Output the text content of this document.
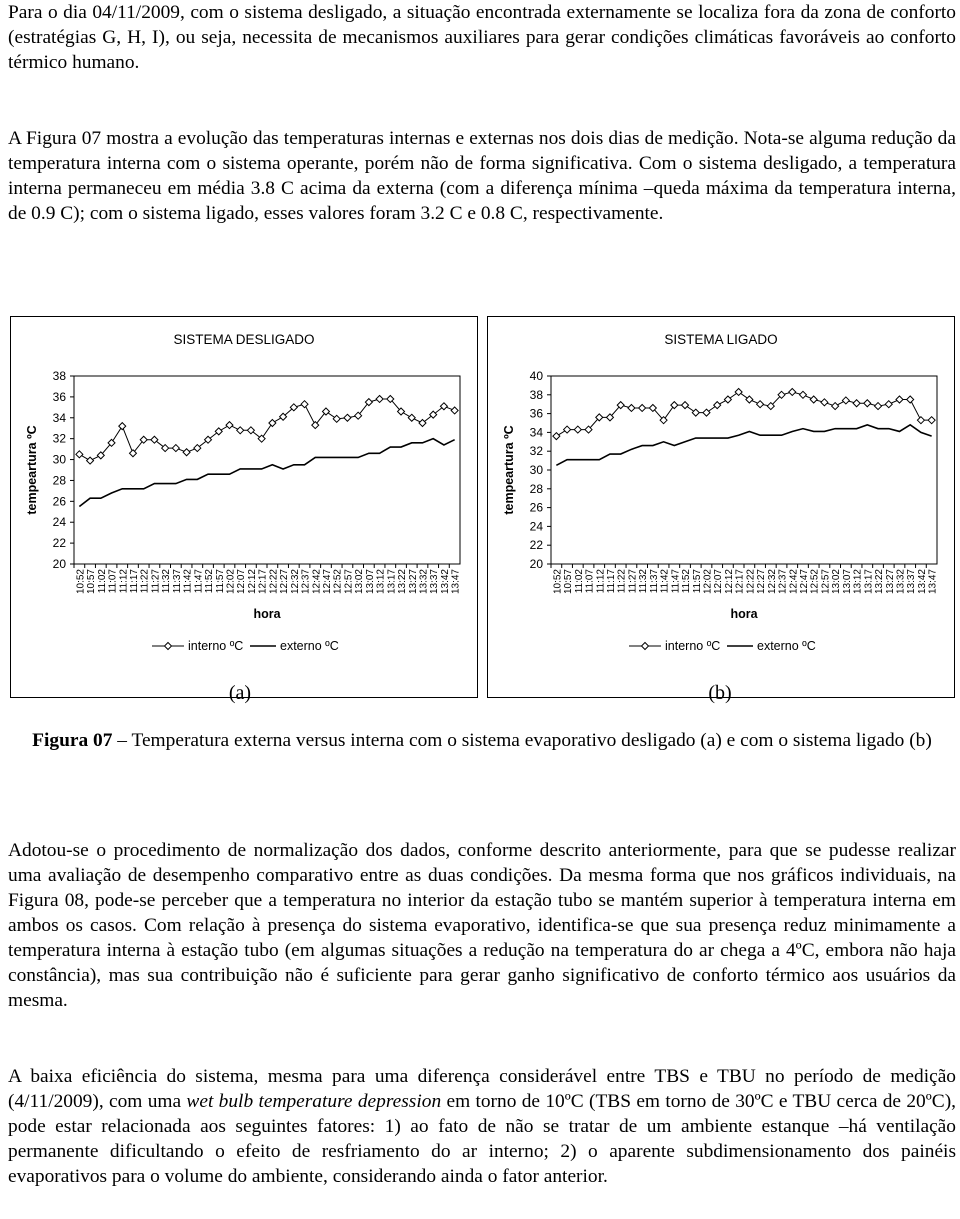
Para o dia 04/11/2009, com o sistema desligado, a situação encontrada externamente se localiza fora da zona de conforto (estratégias G, H, I), ou seja, necessita de mecanismos auxiliares para gerar condições climáticas favoráveis ao conforto térmico humano.

A Figura 07 mostra a evolução das temperaturas internas e externas nos dois dias de medição. Nota-se alguma redução da temperatura interna com o sistema operante, porém não de forma significativa. Com o sistema desligado, a temperatura interna permaneceu em média 3.8 C acima da externa (com a diferença mínima –queda máxima da temperatura interna, de 0.9 C); com o sistema ligado, esses valores foram 3.2 C e 0.8 C, respectivamente.

SISTEMA DESLIGADO
20
22
24
26
28
30
32
34
36
38
10:52 10:57 11:02 11:07 11:12 11:17 11:22 11:27 11:32 11:37 11:42 11:47 11:52 11:57 12:02 12:07 12:12 12:17 12:22 12:27 12:32 12:37 12:42 12:47 12:52 12:57 13:02 13:07 13:12 13:17 13:22 13:27 13:32 13:37 13:42 13:47
hora
tempeartura ºC
interno ºC	externo ºC
SISTEMA LIGADO
20
22
24
26
28
30
32
34
36
38
40
10:52 10:57 11:02 11:07 11:12 11:17 11:22 11:27 11:32 11:37 11:42 11:47 11:52 11:57 12:02 12:07 12:12 12:17 12:22 12:27 12:32 12:37 12:42 12:47 12:52 12:57 13:02 13:07 13:12 13:17 13:22 13:27 13:32 13:37 13:42 13:47
hora
tempeartura ºC
interno ºC	externo ºC
(a)	(b)

Figura 07 – Temperatura externa versus interna com o sistema evaporativo desligado (a) e com o sistema ligado (b)

Adotou-se o procedimento de normalização dos dados, conforme descrito anteriormente, para que se pudesse realizar uma avaliação de desempenho comparativo entre as duas condições. Da mesma forma que nos gráficos individuais, na Figura 08, pode-se perceber que a temperatura no interior da estação tubo se mantém superior à temperatura interna em ambos os casos. Com relação à presença do sistema evaporativo, identifica-se que sua presença reduz minimamente a temperatura interna à estação tubo (em algumas situações a redução na temperatura do ar chega a 4ºC, embora não haja constância), mas sua contribuição não é suficiente para gerar ganho significativo de conforto térmico aos usuários da mesma.

A baixa eficiência do sistema, mesma para uma diferença considerável entre TBS e TBU no período de medição (4/11/2009), com uma wet bulb temperature depression em torno de 10ºC (TBS em torno de 30ºC e TBU cerca de 20ºC), pode estar relacionada aos seguintes fatores: 1) ao fato de não se tratar de um ambiente estanque –há ventilação permanente dificultando o efeito de resfriamento do ar interno; 2) o aparente subdimensionamento dos painéis evaporativos para o volume do ambiente, considerando ainda o fator anterior.
